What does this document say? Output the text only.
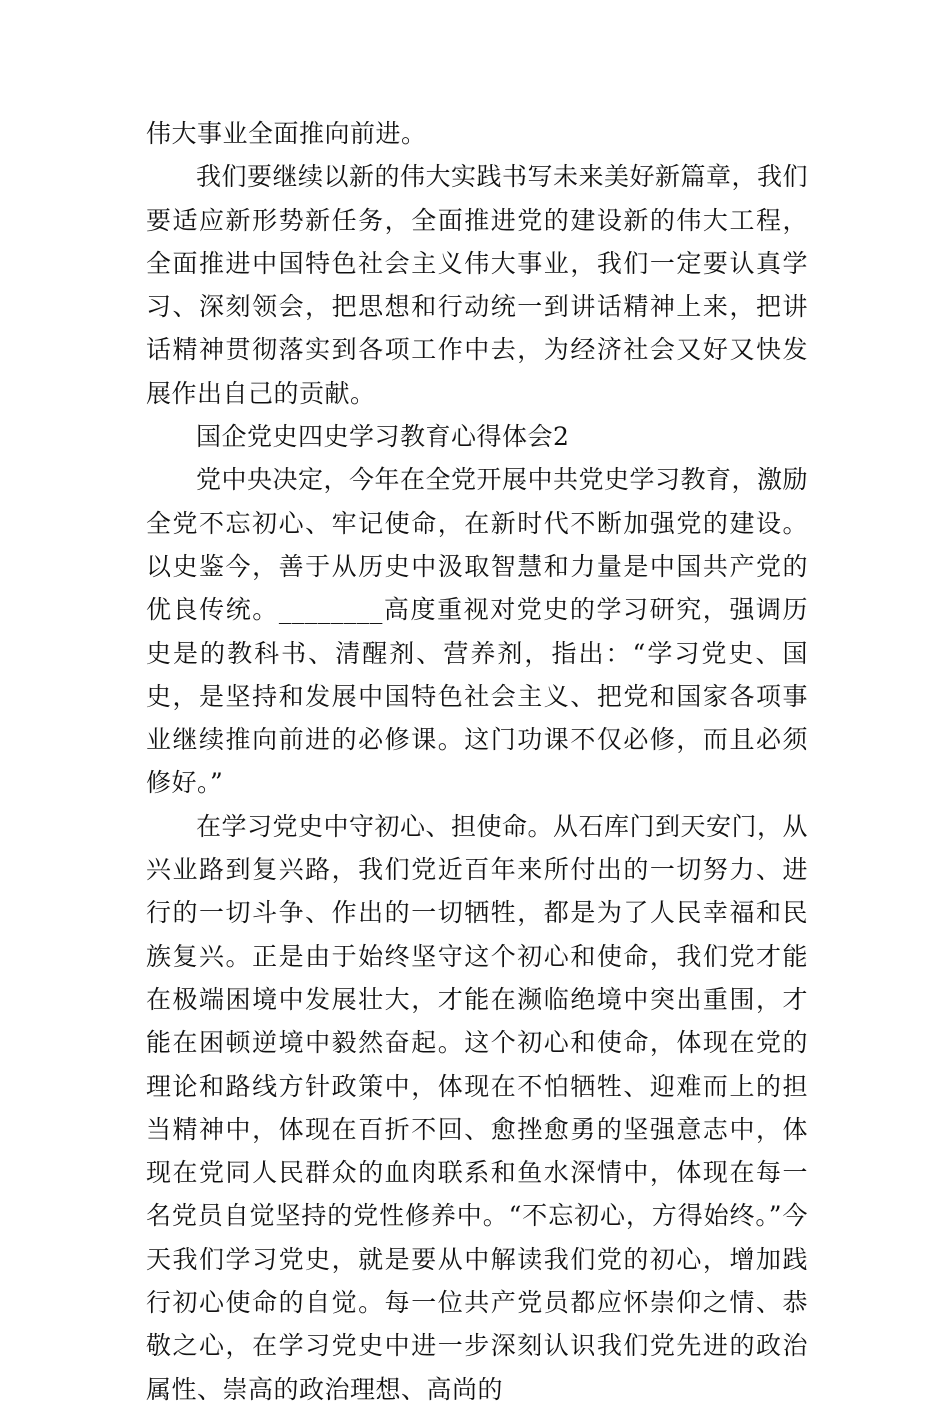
伟大事业全面推向前进。

我们要继续以新的伟大实践书写未来美好新篇章，我们要适应新形势新任务，全面推进党的建设新的伟大工程，全面推进中国特色社会主义伟大事业，我们一定要认真学习、深刻领会，把思想和行动统一到讲话精神上来，把讲话精神贯彻落实到各项工作中去，为经济社会又好又快发展作出自己的贡献。

国企党史四史学习教育心得体会2

党中央决定，今年在全党开展中共党史学习教育，激励全党不忘初心、牢记使命，在新时代不断加强党的建设。以史鉴今，善于从历史中汲取智慧和力量是中国共产党的优良传统。________高度重视对党史的学习研究，强调历史是的教科书、清醒剂、营养剂，指出：“学习党史、国史，是坚持和发展中国特色社会主义、把党和国家各项事业继续推向前进的必修课。这门功课不仅必修，而且必须修好。”

在学习党史中守初心、担使命。从石库门到天安门，从兴业路到复兴路，我们党近百年来所付出的一切努力、进行的一切斗争、作出的一切牺牲，都是为了人民幸福和民族复兴。正是由于始终坚守这个初心和使命，我们党才能在极端困境中发展壮大，才能在濒临绝境中突出重围，才能在困顿逆境中毅然奋起。这个初心和使命，体现在党的理论和路线方针政策中，体现在不怕牺牲、迎难而上的担当精神中，体现在百折不回、愈挫愈勇的坚强意志中，体现在党同人民群众的血肉联系和鱼水深情中，体现在每一名党员自觉坚持的党性修养中。“不忘初心，方得始终。”今天我们学习党史，就是要从中解读我们党的初心，增加践行初心使命的自觉。每一位共产党员都应怀崇仰之情、恭敬之心，在学习党史中进一步深刻认识我们党先进的政治属性、崇高的政治理想、高尚的
